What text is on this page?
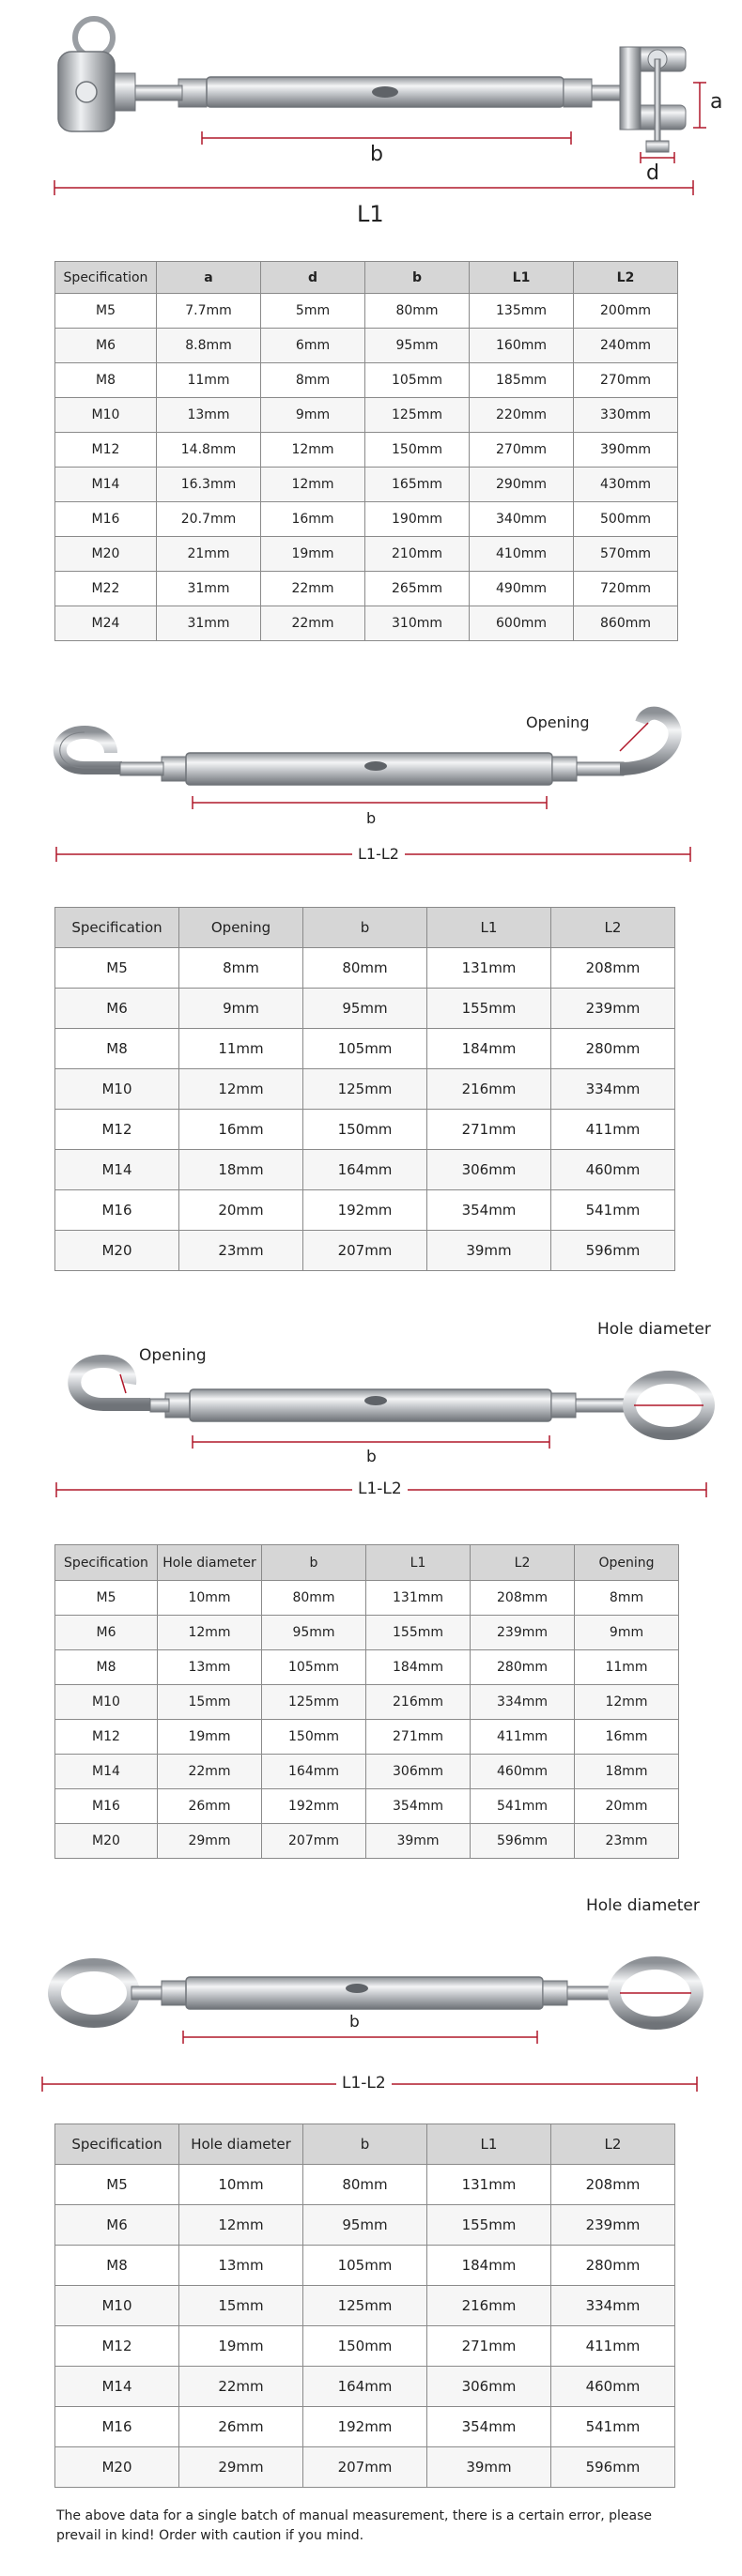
a
d
b
L1
Specification	a	d	b	L1	L2
M5	7.7mm	5mm	80mm	135mm	200mm
M6	8.8mm	6mm	95mm	160mm	240mm
M8	11mm	8mm	105mm	185mm	270mm
M10	13mm	9mm	125mm	220mm	330mm
M12	14.8mm	12mm	150mm	270mm	390mm
M14	16.3mm	12mm	165mm	290mm	430mm
M16	20.7mm	16mm	190mm	340mm	500mm
M20	21mm	19mm	210mm	410mm	570mm
M22	31mm	22mm	265mm	490mm	720mm
M24	31mm	22mm	310mm	600mm	860mm
Opening
b
L1-L2
Specification	Opening	b	L1	L2
M5	8mm	80mm	131mm	208mm
M6	9mm	95mm	155mm	239mm
M8	11mm	105mm	184mm	280mm
M10	12mm	125mm	216mm	334mm
M12	16mm	150mm	271mm	411mm
M14	18mm	164mm	306mm	460mm
M16	20mm	192mm	354mm	541mm
M20	23mm	207mm	39mm	596mm
Opening
Hole diameter
b
L1-L2
Specification	Hole diameter	b	L1	L2	Opening
M5	10mm	80mm	131mm	208mm	8mm
M6	12mm	95mm	155mm	239mm	9mm
M8	13mm	105mm	184mm	280mm	11mm
M10	15mm	125mm	216mm	334mm	12mm
M12	19mm	150mm	271mm	411mm	16mm
M14	22mm	164mm	306mm	460mm	18mm
M16	26mm	192mm	354mm	541mm	20mm
M20	29mm	207mm	39mm	596mm	23mm
Hole diameter
b
L1-L2
Specification	Hole diameter	b	L1	L2
M5	10mm	80mm	131mm	208mm
M6	12mm	95mm	155mm	239mm
M8	13mm	105mm	184mm	280mm
M10	15mm	125mm	216mm	334mm
M12	19mm	150mm	271mm	411mm
M14	22mm	164mm	306mm	460mm
M16	26mm	192mm	354mm	541mm
M20	29mm	207mm	39mm	596mm
The above data for a single batch of manual measurement, there is a certain error, please prevail in kind! Order with caution if you mind.
